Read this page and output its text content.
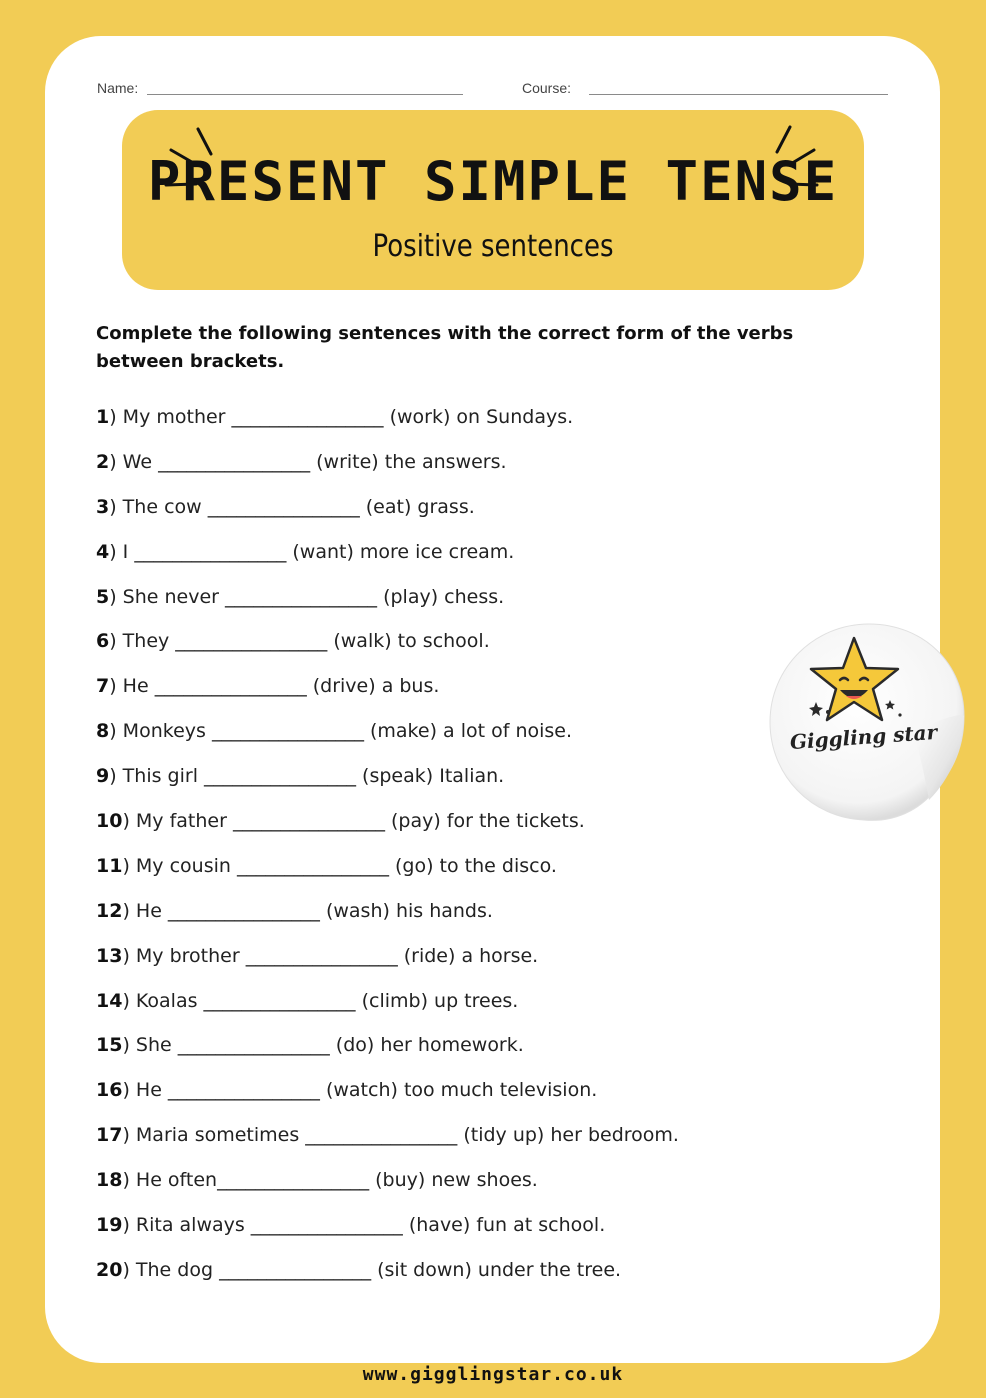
Name:	Course:
PRESENT SIMPLE TENSE
Positive sentences
Complete the following sentences with the correct form of the verbs between brackets.
1) My mother ________________ (work) on Sundays.
2) We ________________ (write) the answers.
3) The cow ________________ (eat) grass.
4) I ________________ (want) more ice cream.
5) She never ________________ (play) chess.
6) They ________________ (walk) to school.
7) He ________________ (drive) a bus.
8) Monkeys ________________ (make) a lot of noise.
9) This girl ________________ (speak) Italian.
10) My father ________________ (pay) for the tickets.
11) My cousin ________________ (go) to the disco.
12) He ________________ (wash) his hands.
13) My brother ________________ (ride) a horse.
14) Koalas ________________ (climb) up trees.
15) She ________________ (do) her homework.
16) He ________________ (watch) too much television.
17) Maria sometimes ________________ (tidy up) her bedroom.
18) He often________________ (buy) new shoes.
19) Rita always ________________ (have) fun at school.
20) The dog ________________ (sit down) under the tree.
Giggling star
www.gigglingstar.co.uk
